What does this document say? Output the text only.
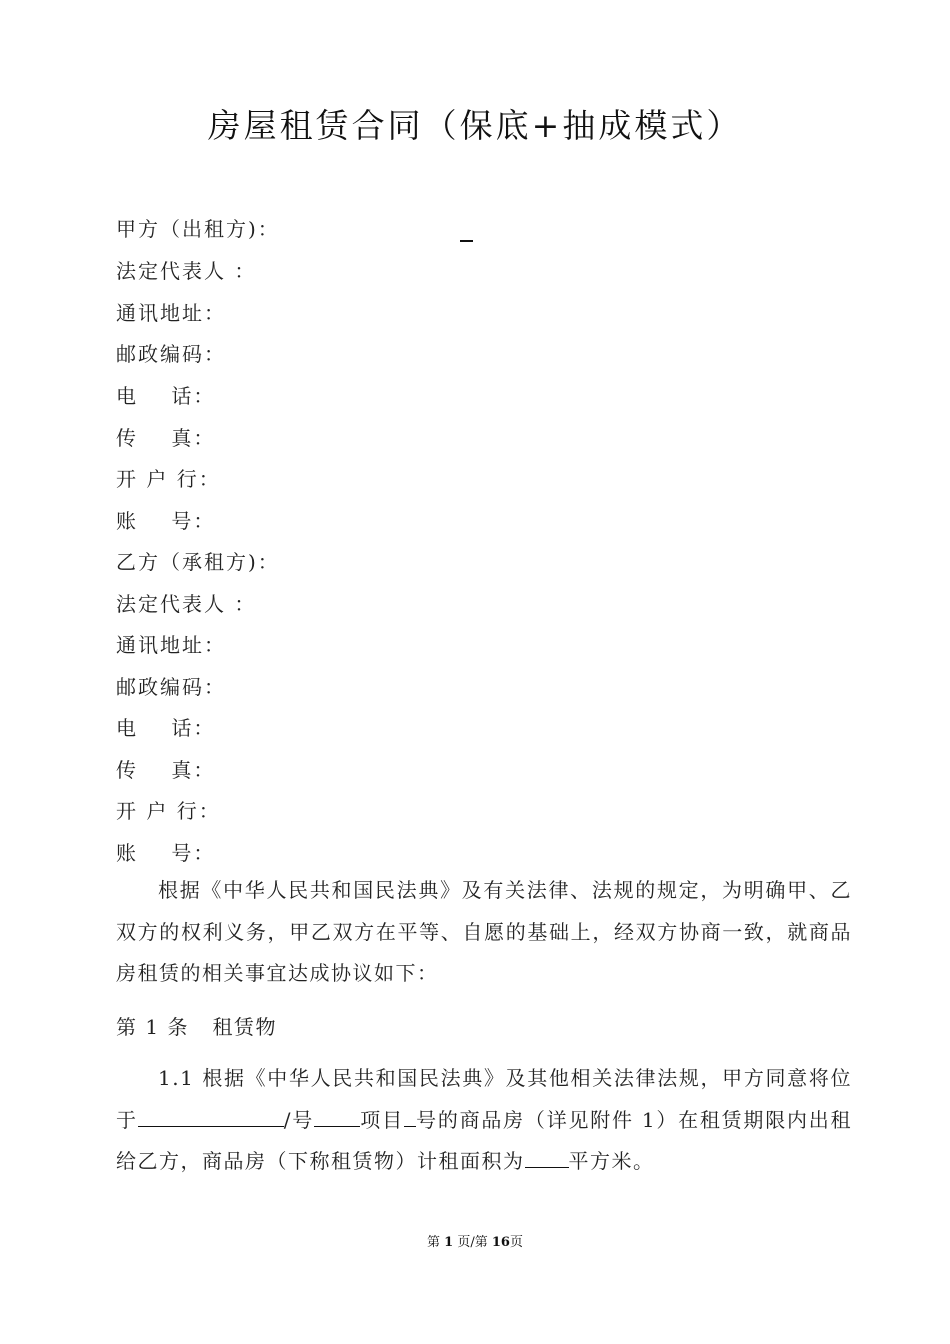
房屋租赁合同（保底+抽成模式）
甲方（出租方)：
法定代表人 ：
通讯地址：
邮政编码：
电    话：
传    真：
开 户 行：
账    号：
乙方（承租方)：
法定代表人 ：
通讯地址：
邮政编码：
电    话：
传    真：
开 户 行：
账    号：
根据《中华人民共和国民法典》及有关法律、法规的规定，为明确甲、乙双方的权利义务，甲乙双方在平等、自愿的基础上，经双方协商一致，就商品房租赁的相关事宜达成协议如下：
第 1 条   租赁物
1.1 根据《中华人民共和国民法典》及其他相关法律法规，甲方同意将位于	/号 项目 号的商品房（详见附件 1）在租赁期限内出租给乙方，商品房（下称租赁物）计租面积为 平方米。
第 1 页/第 16页
